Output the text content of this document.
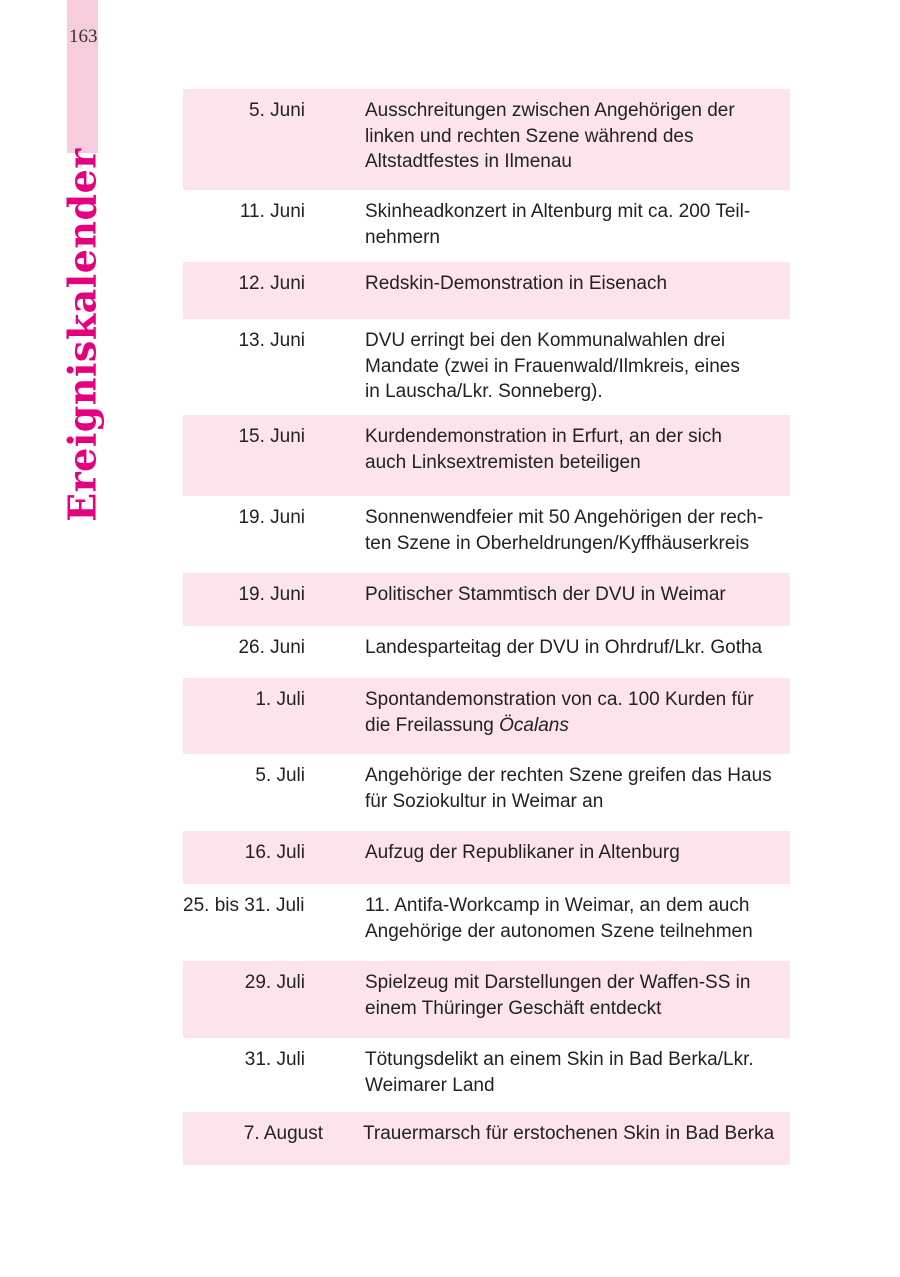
163
Ereigniskalender
5. Juni	Ausschreitungen zwischen Angehörigen der
linken und rechten Szene während des
Altstadtfestes in Ilmenau
11. Juni	Skinheadkonzert in Altenburg mit ca. 200 Teil-
nehmern
12. Juni	Redskin-Demonstration in Eisenach
13. Juni	DVU erringt bei den Kommunalwahlen drei
Mandate (zwei in Frauenwald/Ilmkreis, eines
in Lauscha/Lkr. Sonneberg).
15. Juni	Kurdendemonstration in Erfurt, an der sich
auch Linksextremisten beteiligen
19. Juni	Sonnenwendfeier mit 50 Angehörigen der rech-
ten Szene in Oberheldrungen/Kyffhäuserkreis
19. Juni	Politischer Stammtisch der DVU in Weimar
26. Juni	Landesparteitag der DVU in Ohrdruf/Lkr. Gotha
1. Juli	Spontandemonstration von ca. 100 Kurden für
die Freilassung Öcalans
5. Juli	Angehörige der rechten Szene greifen das Haus
für Soziokultur in Weimar an
16. Juli	Aufzug der Republikaner in Altenburg
25. bis 31. Juli	11. Antifa-Workcamp in Weimar, an dem auch
Angehörige der autonomen Szene teilnehmen
29. Juli	Spielzeug mit Darstellungen der Waffen-SS in
einem Thüringer Geschäft entdeckt
31. Juli	Tötungsdelikt an einem Skin in Bad Berka/Lkr.
Weimarer Land
7. August Trauermarsch für erstochenen Skin in Bad Berka
